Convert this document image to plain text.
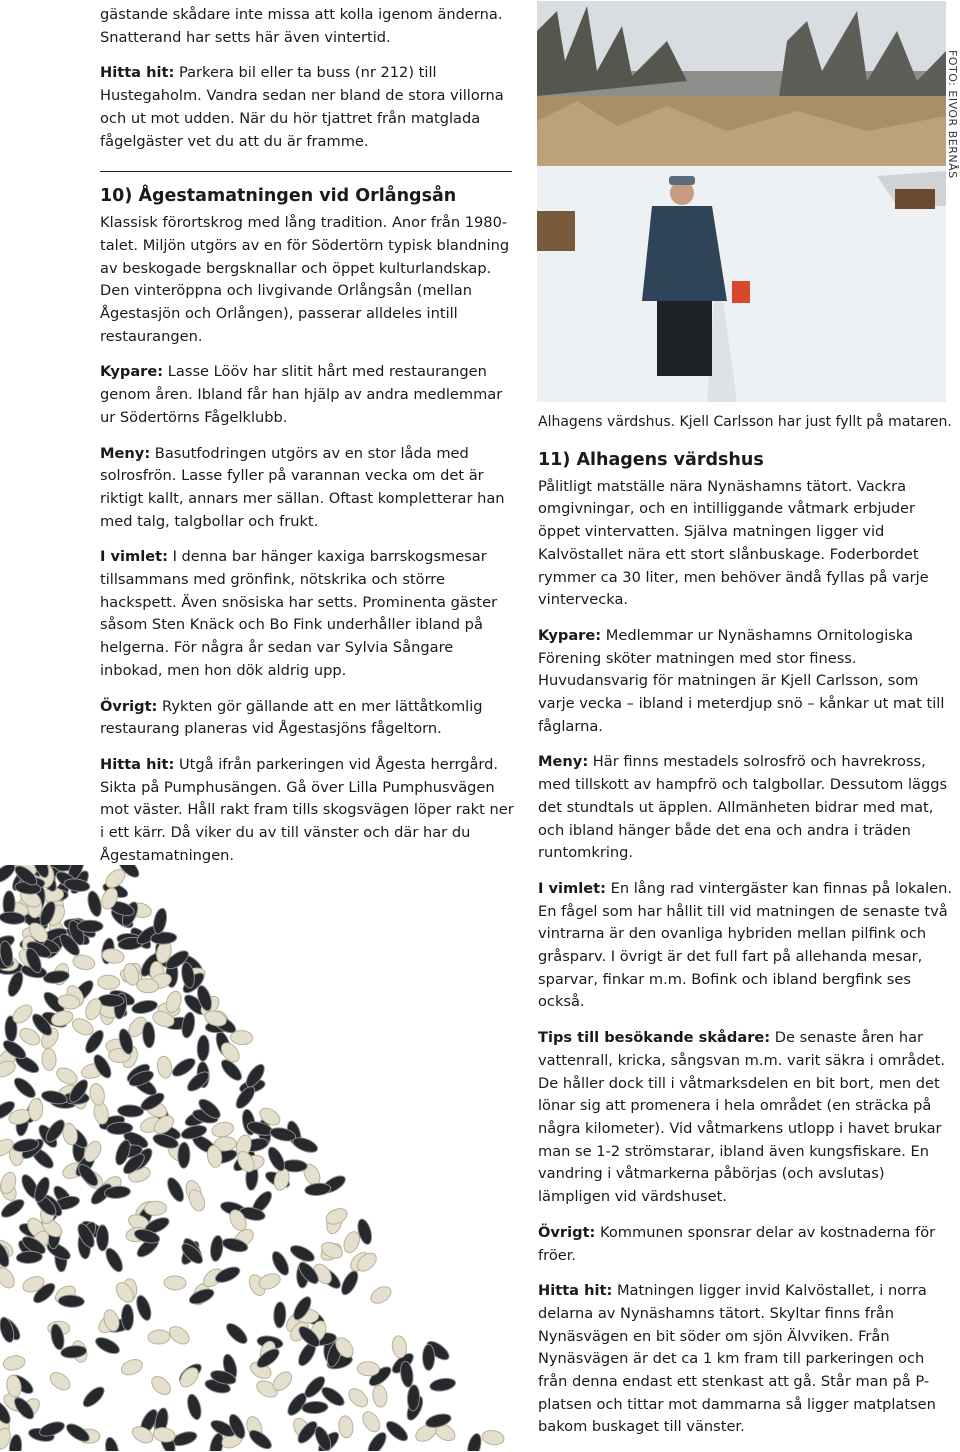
gästande skådare inte missa att kolla igenom änderna. Snatterand har setts här även vintertid.

Hitta hit: Parkera bil eller ta buss (nr 212) till Hustegaholm. Vandra sedan ner bland de stora villorna och ut mot udden. När du hör tjattret från matglada fågelgäster vet du att du är framme.

10) Ågestamatningen vid Orlångsån

Klassisk förortskrog med lång tradition. Anor från 1980-talet. Miljön utgörs av en för Södertörn typisk blandning av beskogade bergsknallar och öppet kulturlandskap. Den vinteröppna och livgivande Orlångsån (mellan Ågestasjön och Orlången), passerar alldeles intill restaurangen.

Kypare: Lasse Lööv har slitit hårt med restaurangen genom åren. Ibland får han hjälp av andra medlemmar ur Södertörns Fågelklubb.

Meny: Basutfodringen utgörs av en stor låda med solrosfrön. Lasse fyller på varannan vecka om det är riktigt kallt, annars mer sällan. Oftast kompletterar han med talg, talgbollar och frukt.

I vimlet: I denna bar hänger kaxiga barrskogsmesar tillsammans med grönfink, nötskrika och större hackspett. Även snösiska har setts. Prominenta gäster såsom Sten Knäck och Bo Fink underhåller ibland på helgerna. För några år sedan var Sylvia Sångare inbokad, men hon dök aldrig upp.

Övrigt: Rykten gör gällande att en mer lättåtkomlig restaurang planeras vid Ågestasjöns fågeltorn.

Hitta hit: Utgå ifrån parkeringen vid Ågesta herrgård. Sikta på Pumphusängen. Gå över Lilla Pumphusvägen mot väster. Håll rakt fram tills skogsvägen löper rakt ner i ett kärr. Då viker du av till vänster och där har du Ågestamatningen.

FOTO: EIVOR BERNÅS

Alhagens värdshus. Kjell Carlsson har just fyllt på mataren.

11) Alhagens värdshus

Pålitligt matställe nära Nynäshamns tätort. Vackra omgivningar, och en intilliggande våtmark erbjuder öppet vintervatten. Själva matningen ligger vid Kalvöstallet nära ett stort slånbuskage. Foderbordet rymmer ca 30 liter, men behöver ändå fyllas på varje vintervecka.

Kypare: Medlemmar ur Nynäshamns Ornitologiska Förening sköter matningen med stor finess. Huvudansvarig för matningen är Kjell Carlsson, som varje vecka – ibland i meterdjup snö – kånkar ut mat till fåglarna.

Meny: Här finns mestadels solrosfrö och havrekross, med tillskott av hampfrö och talgbollar. Dessutom läggs det stundtals ut äpplen. Allmänheten bidrar med mat, och ibland hänger både det ena och andra i träden runtomkring.

I vimlet: En lång rad vintergäster kan finnas på lokalen. En fågel som har hållit till vid matningen de senaste två vintrarna är den ovanliga hybriden mellan pilfink och gråsparv. I övrigt är det full fart på allehanda mesar, sparvar, finkar m.m. Bofink och ibland bergfink ses också.

Tips till besökande skådare: De senaste åren har vattenrall, kricka, sångsvan m.m. varit säkra i området. De håller dock till i våtmarksdelen en bit bort, men det lönar sig att promenera i hela området (en sträcka på några kilometer). Vid våtmarkens utlopp i havet brukar man se 1-2 strömstarar, ibland även kungsfiskare. En vandring i våtmarkerna påbörjas (och avslutas) lämpligen vid värdshuset.

Övrigt: Kommunen sponsrar delar av kostnaderna för fröer.

Hitta hit: Matningen ligger invid Kalvöstallet, i norra delarna av Nynäshamns tätort. Skyltar finns från Nynäsvägen en bit söder om sjön Älvviken. Från Nynäsvägen är det ca 1 km fram till parkeringen och från denna endast ett stenkast att gå. Står man på P-platsen och tittar mot dammarna så ligger matplatsen bakom buskaget till vänster.
